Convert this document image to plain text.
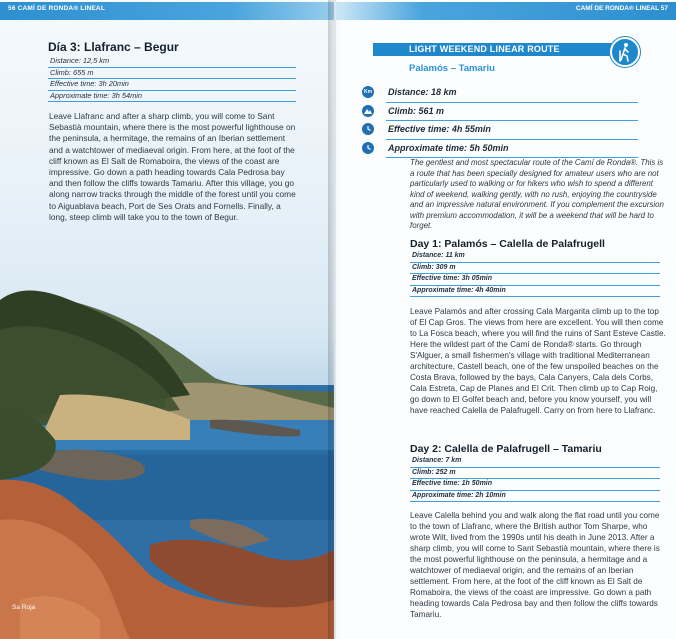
56 CAMÍ DE RONDA® LINEAL
Día 3: Llafranc – Begur
Distance: 12,5 km
Climb: 655 m
Effective time: 3h 20min
Approximate time: 3h 54min
Leave Llafranc and after a sharp climb, you will come to Sant Sebastià mountain, where there is the most powerful lighthouse on the peninsula, a hermitage, the remains of an Iberian settlement and a watchtower of mediaeval origin. From here, at the foot of the cliff known as El Salt de Romaboira, the views of the coast are impressive. Go down a path heading towards Cala Pedrosa bay and then follow the cliffs towards Tamariu. After this village, you go along narrow tracks through the middle of the forest until you come to Aiguablava beach, Port de Ses Orats and Fornells. Finally, a long, steep climb will take you to the town of Begur.
Sa Roja
CAMÍ DE RONDA® LINEAL 57
LIGHT WEEKEND LINEAR ROUTE
Palamós – Tamariu
Km Distance: 18 km
Climb: 561 m
Effective time: 4h 55min
Approximate time: 5h 50min
The gentlest and most spectacular route of the Camí de Ronda®. This is a route that has been specially designed for amateur users who are not particularly used to walking or for hikers who wish to spend a different kind of weekend, walking gently, with no rush, enjoying the countryside and an impressive natural environment. If you complement the excursion with premium accommodation, it will be a weekend that will be hard to forget.
Day 1: Palamós – Calella de Palafrugell
Distance: 11 km
Climb: 309 m
Effective time: 3h 05min
Approximate time: 4h 40min
Leave Palamós and after crossing Cala Margarita climb up to the top of El Cap Gros. The views from here are excellent. You will then come to La Fosca beach, where you will find the ruins of Sant Esteve Castle. Here the wildest part of the Camí de Ronda® starts. Go through S'Alguer, a small fishermen's village with traditional Mediterranean architecture, Castell beach, one of the few unspoiled beaches on the Costa Brava, followed by the bays, Cala Canyers, Cala dels Corbs, Cala Estreta, Cap de Planes and El Crit. Then climb up to Cap Roig, go down to El Golfet beach and, before you know yourself, you will have reached Calella de Palafrugell. Carry on from here to Llafranc.
Day 2: Calella de Palafrugell – Tamariu
Distance: 7 km
Climb: 252 m
Effective time: 1h 50min
Approximate time: 2h 10min
Leave Calella behind you and walk along the flat road until you come to the town of Llafranc, where the British author Tom Sharpe, who wrote Wilt, lived from the 1990s until his death in June 2013. After a sharp climb, you will come to Sant Sebastià mountain, where there is the most powerful lighthouse on the peninsula, a hermitage and a watchtower of mediaeval origin, and the remains of an Iberian settlement. From here, at the foot of the cliff known as El Salt de Romaboira, the views of the coast are impressive. Go down a path heading towards Cala Pedrosa bay and then follow the cliffs towards Tamariu.
